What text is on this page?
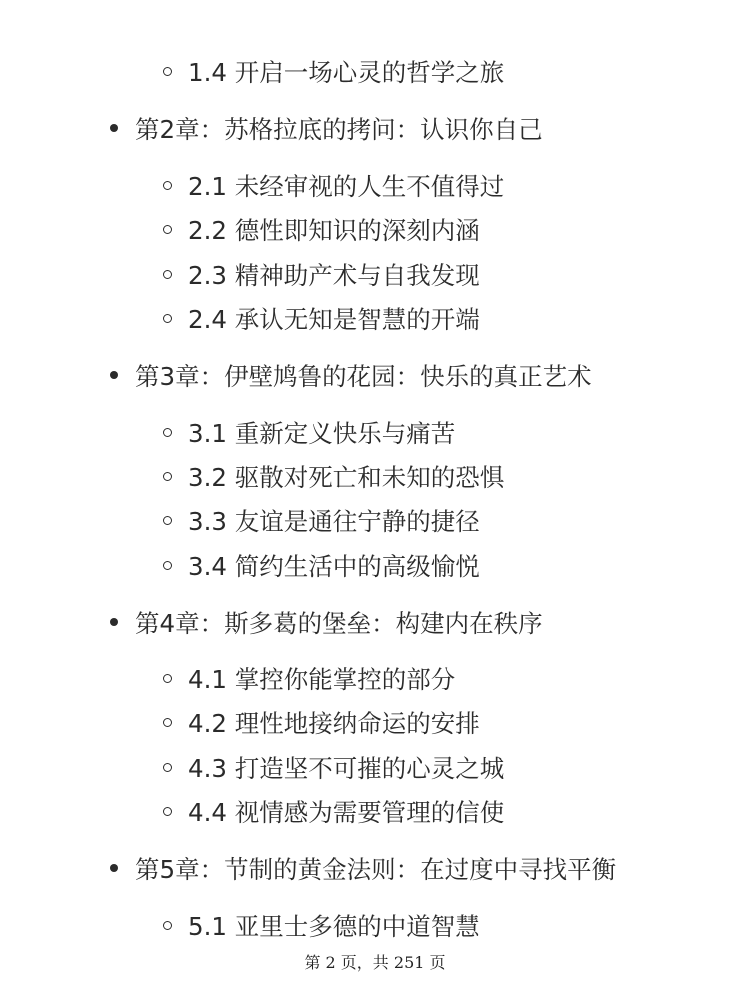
1.4 开启一场心灵的哲学之旅
第2章：苏格拉底的拷问：认识你自己
2.1 未经审视的人生不值得过
2.2 德性即知识的深刻内涵
2.3 精神助产术与自我发现
2.4 承认无知是智慧的开端
第3章：伊壁鸠鲁的花园：快乐的真正艺术
3.1 重新定义快乐与痛苦
3.2 驱散对死亡和未知的恐惧
3.3 友谊是通往宁静的捷径
3.4 简约生活中的高级愉悦
第4章：斯多葛的堡垒：构建内在秩序
4.1 掌控你能掌控的部分
4.2 理性地接纳命运的安排
4.3 打造坚不可摧的心灵之城
4.4 视情感为需要管理的信使
第5章：节制的黄金法则：在过度中寻找平衡
5.1 亚里士多德的中道智慧
第 2 页，共 251 页
